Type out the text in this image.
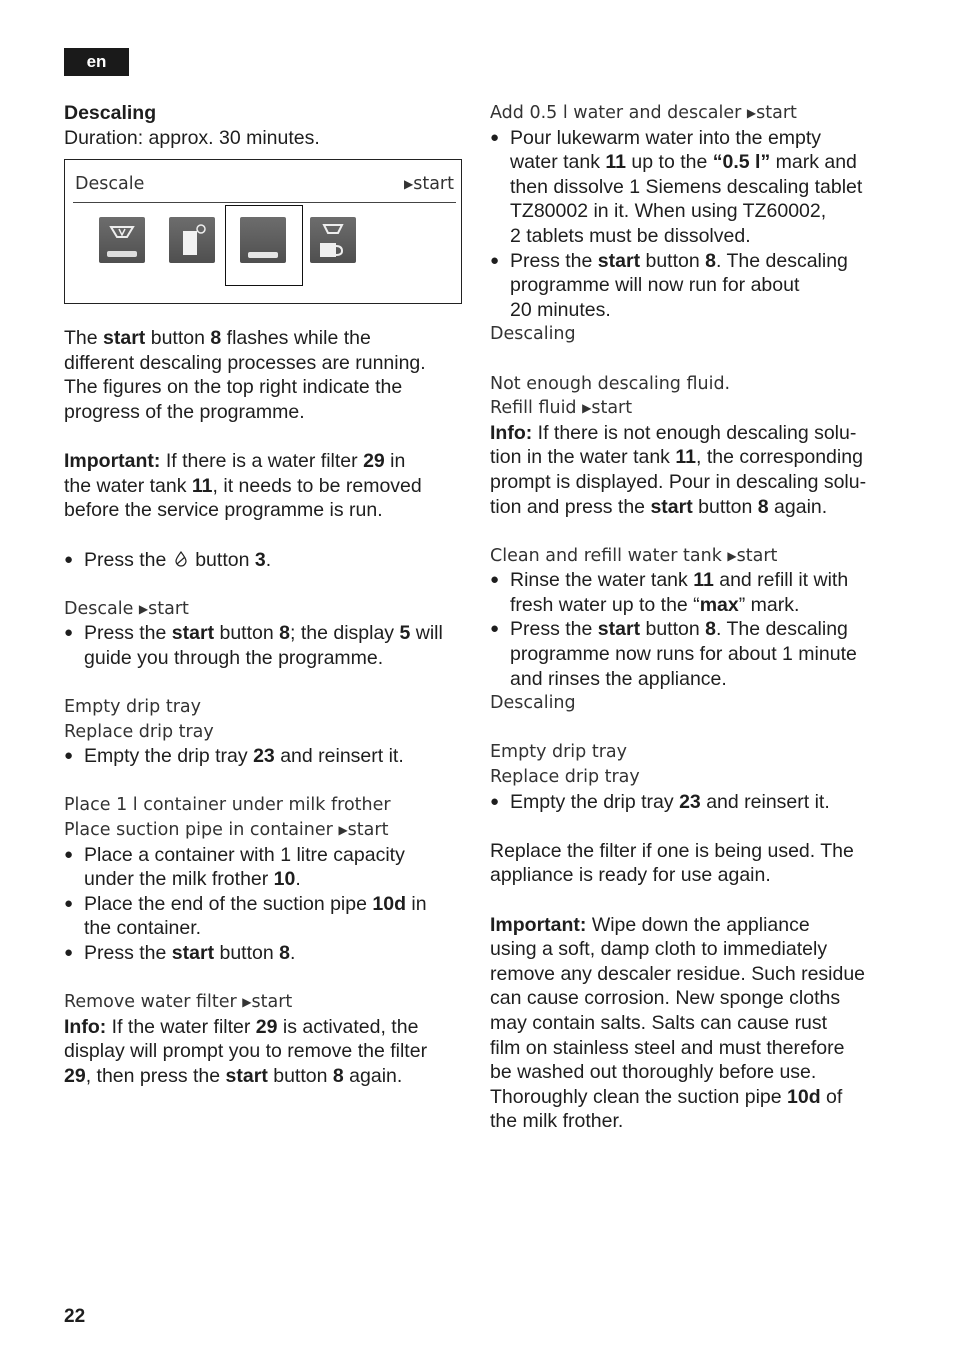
en
Descaling
Duration: approx. 30 minutes.
Descale	▶start
The start button 8 flashes while the
different descaling processes are running.
The figures on the top right indicate the
progress of the programme.
Important: If there is a water filter 29 in
the water tank 11, it needs to be removed
before the service programme is run.
● Press the  button 3.
Descale ▶start
● Press the start button 8; the display 5 will
guide you through the programme.
Empty drip tray
Replace drip tray
● Empty the drip tray 23 and reinsert it.
Place 1 l container under milk frother
Place suction pipe in container ▶start
● Place a container with 1 litre capacity
under the milk frother 10.
● Place the end of the suction pipe 10d in
the container.
● Press the start button 8.
Remove water filter ▶start
Info: If the water filter 29 is activated, the
display will prompt you to remove the filter
29, then press the start button 8 again.
Add 0.5 l water and descaler ▶start
● Pour lukewarm water into the empty
water tank 11 up to the “0.5 l” mark and
then dissolve 1 Siemens descaling tablet
TZ80002 in it. When using TZ60002,
2 tablets must be dissolved.
● Press the start button 8. The descaling
programme will now run for about
20 minutes.
Descaling
Not enough descaling fluid.
Refill fluid ▶start
Info: If there is not enough descaling solu-
tion in the water tank 11, the corresponding
prompt is displayed. Pour in descaling solu-
tion and press the start button 8 again.
Clean and refill water tank ▶start
● Rinse the water tank 11 and refill it with
fresh water up to the “max” mark.
● Press the start button 8. The descaling
programme now runs for about 1 minute
and rinses the appliance.
Descaling
Empty drip tray
Replace drip tray
● Empty the drip tray 23 and reinsert it.
Replace the filter if one is being used. The
appliance is ready for use again.
Important: Wipe down the appliance
using a soft, damp cloth to immediately
remove any descaler residue. Such residue
can cause corrosion. New sponge cloths
may contain salts. Salts can cause rust
film on stainless steel and must therefore
be washed out thoroughly before use.
Thoroughly clean the suction pipe 10d of
the milk frother.
22
